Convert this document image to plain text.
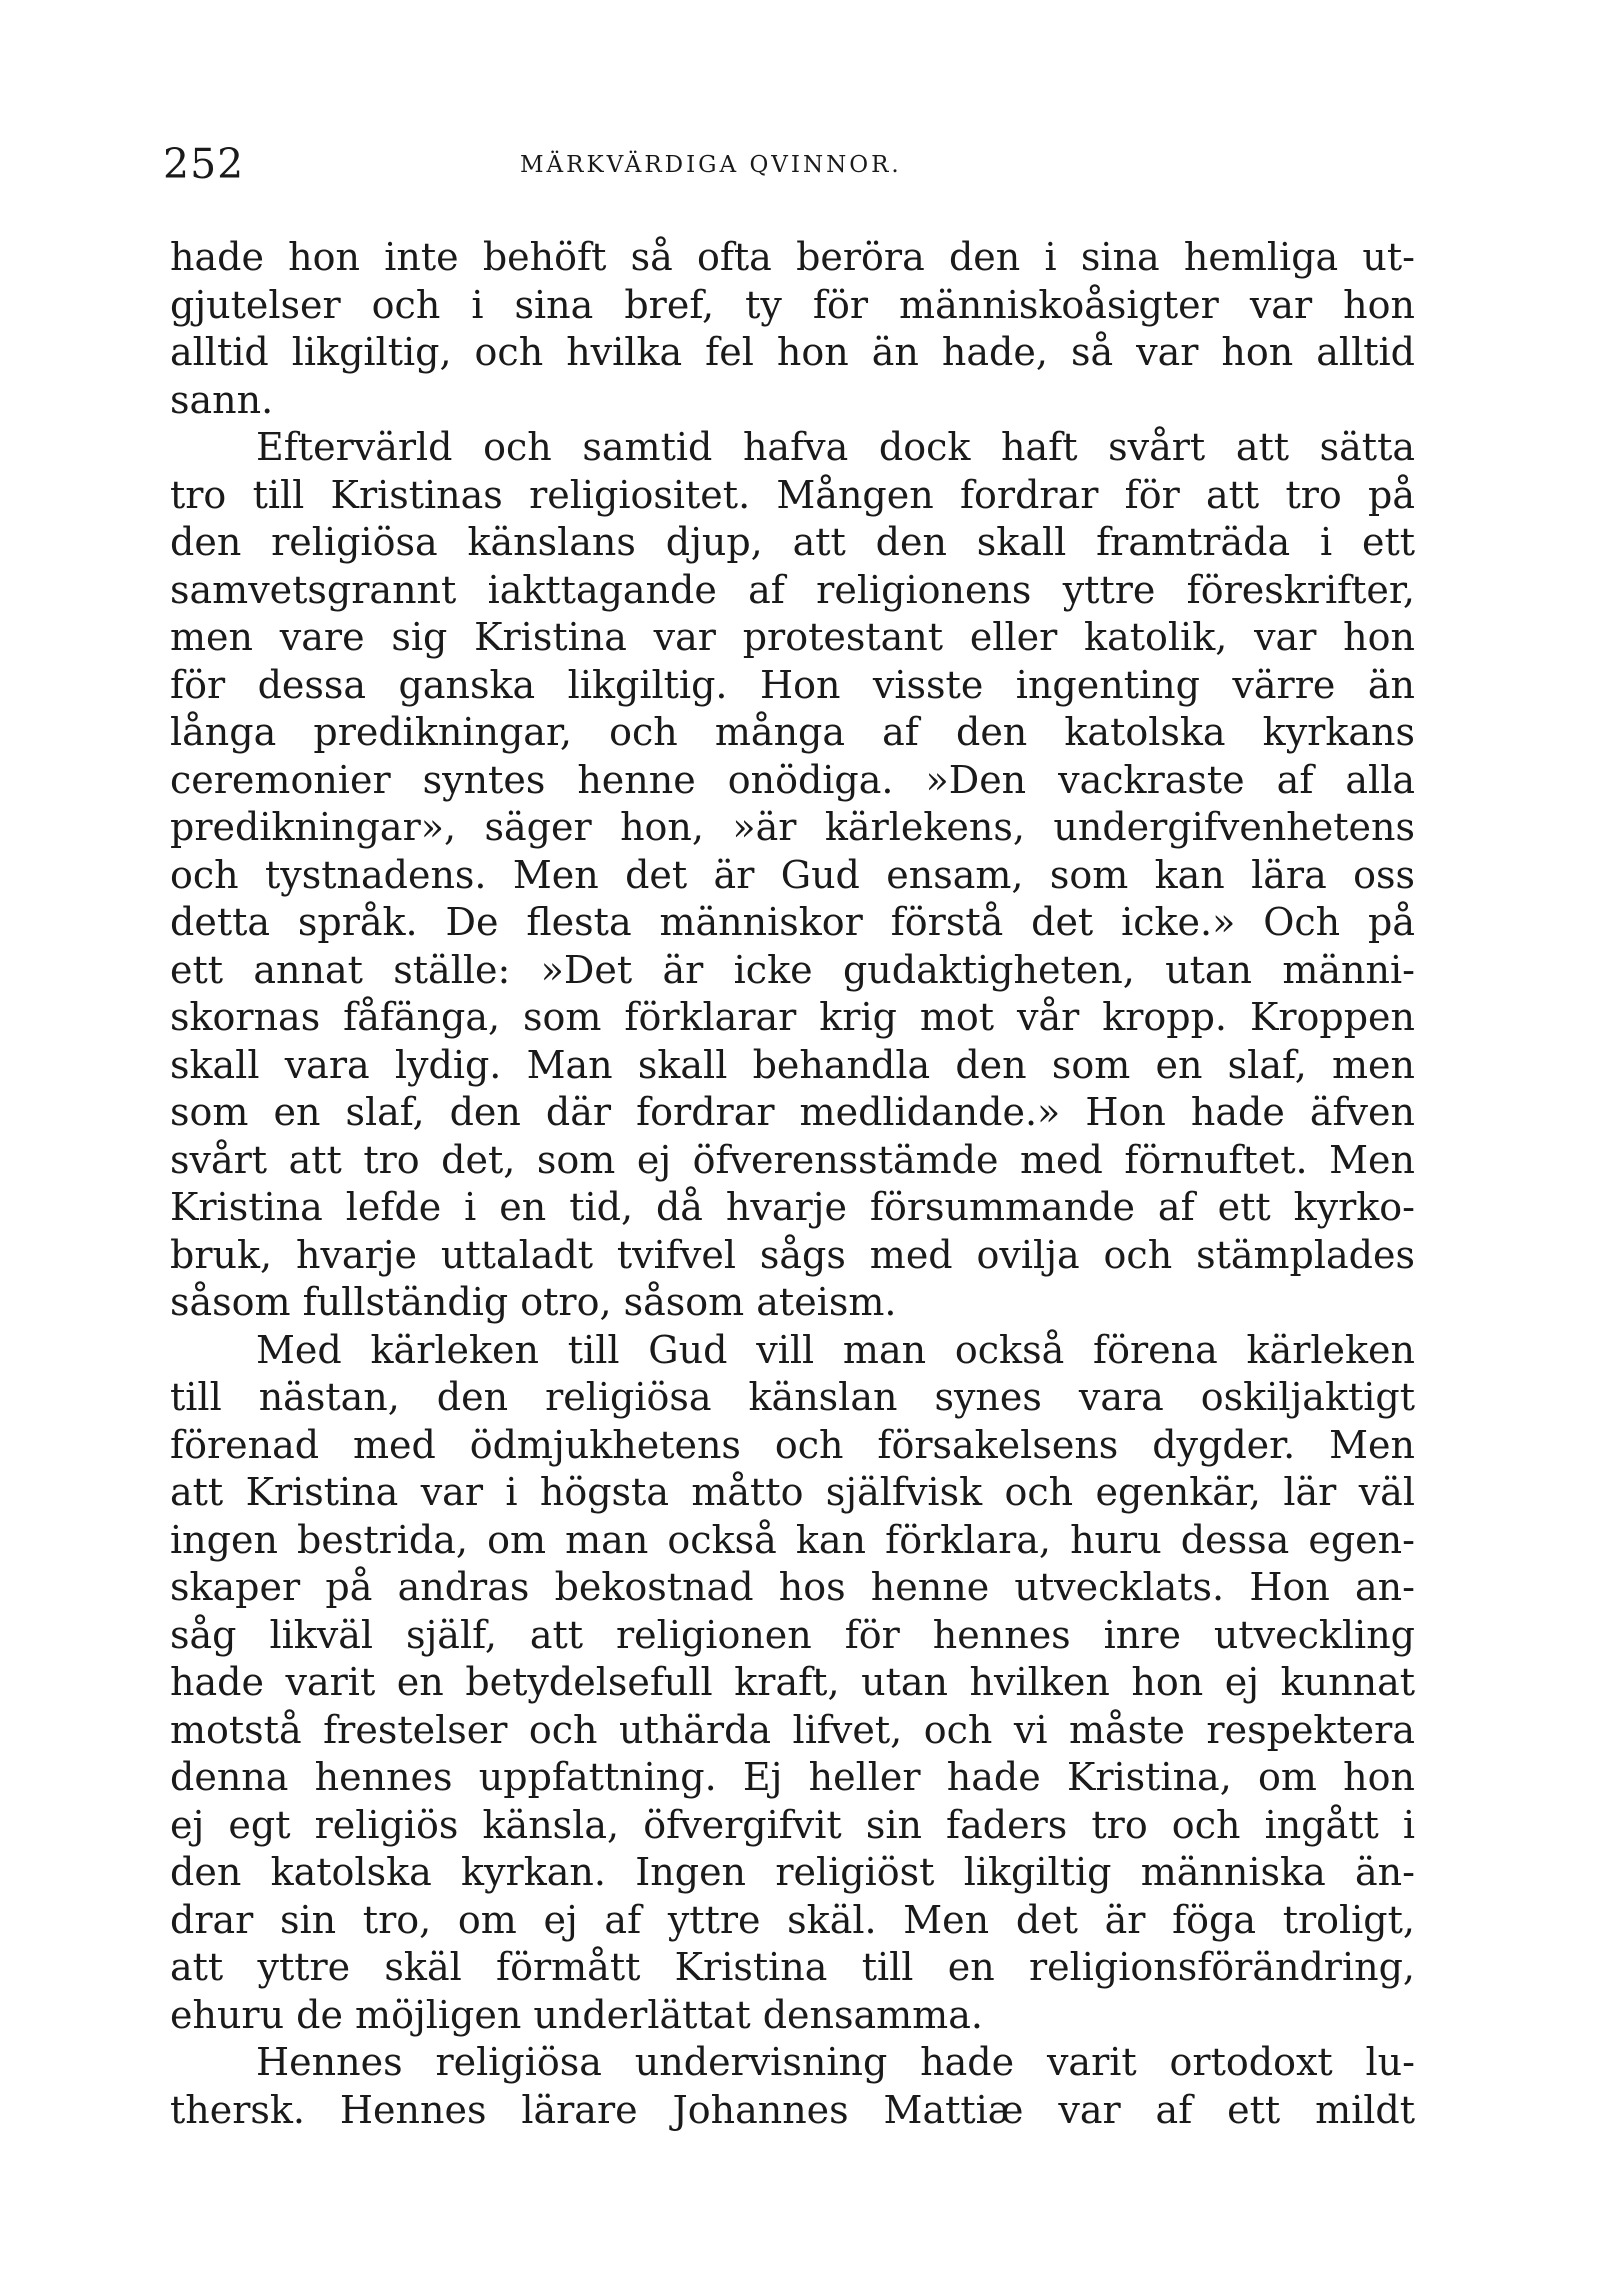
252	MÄRKVÄRDIGA QVINNOR.
hade hon inte behöft så ofta beröra den i sina hemliga ut-
gjutelser och i sina bref, ty för människoåsigter var hon
alltid likgiltig, och hvilka fel hon än hade, så var hon alltid
sann.
Eftervärld och samtid hafva dock haft svårt att sätta
tro till Kristinas religiositet. Mången fordrar för att tro på
den religiösa känslans djup, att den skall framträda i ett
samvetsgrannt iakttagande af religionens yttre föreskrifter,
men vare sig Kristina var protestant eller katolik, var hon
för dessa ganska likgiltig. Hon visste ingenting värre än
långa predikningar, och många af den katolska kyrkans
ceremonier syntes henne onödiga. »Den vackraste af alla
predikningar», säger hon, »är kärlekens, undergifvenhetens
och tystnadens. Men det är Gud ensam, som kan lära oss
detta språk. De flesta människor förstå det icke.» Och på
ett annat ställe: »Det är icke gudaktigheten, utan männi-
skornas fåfänga, som förklarar krig mot vår kropp. Kroppen
skall vara lydig. Man skall behandla den som en slaf, men
som en slaf, den där fordrar medlidande.» Hon hade äfven
svårt att tro det, som ej öfverensstämde med förnuftet. Men
Kristina lefde i en tid, då hvarje försummande af ett kyrko-
bruk, hvarje uttaladt tvifvel sågs med ovilja och stämplades
såsom fullständig otro, såsom ateism.
Med kärleken till Gud vill man också förena kärleken
till nästan, den religiösa känslan synes vara oskiljaktigt
förenad med ödmjukhetens och försakelsens dygder. Men
att Kristina var i högsta måtto själfvisk och egenkär, lär väl
ingen bestrida, om man också kan förklara, huru dessa egen-
skaper på andras bekostnad hos henne utvecklats. Hon an-
såg likväl själf, att religionen för hennes inre utveckling
hade varit en betydelsefull kraft, utan hvilken hon ej kunnat
motstå frestelser och uthärda lifvet, och vi måste respektera
denna hennes uppfattning. Ej heller hade Kristina, om hon
ej egt religiös känsla, öfvergifvit sin faders tro och ingått i
den katolska kyrkan. Ingen religiöst likgiltig människa än-
drar sin tro, om ej af yttre skäl. Men det är föga troligt,
att yttre skäl förmått Kristina till en religionsförändring,
ehuru de möjligen underlättat densamma.
Hennes religiösa undervisning hade varit ortodoxt lu-
thersk. Hennes lärare Johannes Mattiæ var af ett mildt
